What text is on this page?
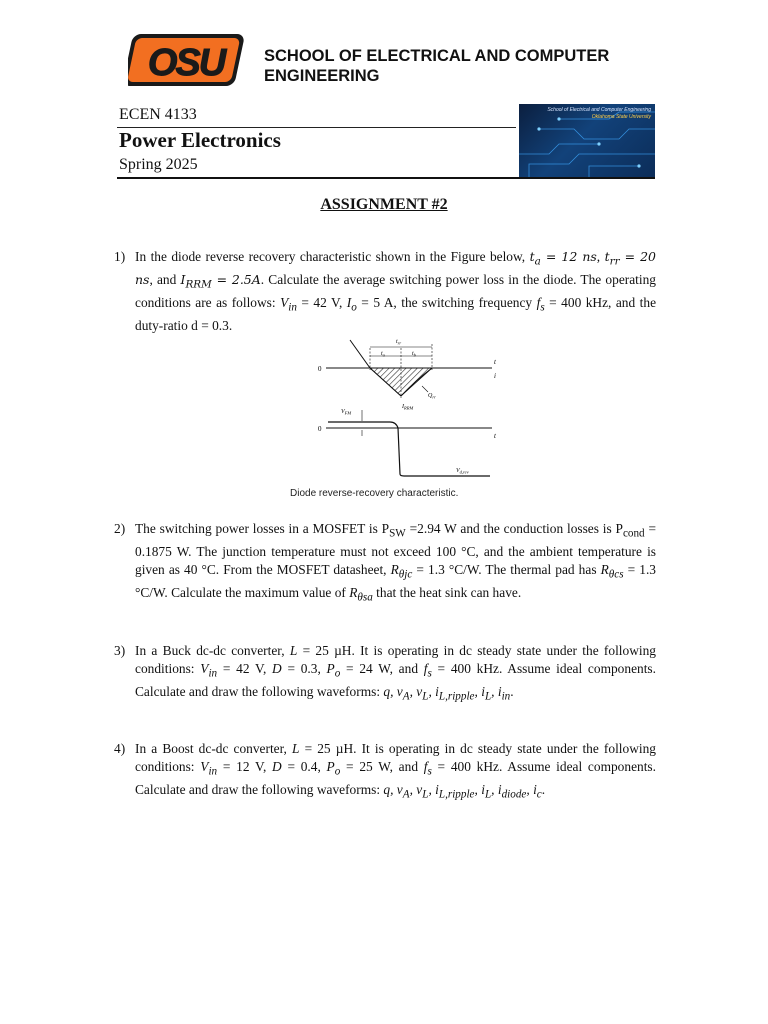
OSU SCHOOL OF ELECTRICAL AND COMPUTER
ENGINEERING
ECEN 4133
Power Electronics
Spring 2025
School of Electrical and Computer Engineering
Oklahoma State University
ASSIGNMENT #2
1) In the diode reverse recovery characteristic shown in the Figure below, $t_a = 12$ ns, $t_{rr} = 20$ ns, and $I_{RRM} = 2.5A$. Calculate the average switching power loss in the diode. The operating conditions are as follows: $V_{in} = 42$ V, $I_o = 5$ A, the switching frequency $f_s = 400$ kHz, and the duty-ratio d = 0.3.
0
i
$t_{rr}$
$t_a$	$t_b$
$I_{RRM}$
$Q_{rr}$
0
t
t
$V_{FM}$
$V_{d,rev}$
Diode reverse-recovery characteristic.
2) The switching power losses in a MOSFET is $P_{SW} =2.94$ W and the conduction losses is $P_{cond} = 0.1875$ W. The junction temperature must not exceed 100 °C, and the ambient temperature is given as 40 °C. From the MOSFET datasheet, $R_{\theta jc} = 1.3$ °C/W. The thermal pad has $R_{\theta cs} = 1.3$ °C/W. Calculate the maximum value of $R_{\theta sa}$ that the heat sink can have.
3) In a Buck dc-dc converter, L = 25 µH. It is operating in dc steady state under the following conditions: $V_{in} = 42$ V, D = 0.3, $P_o = 24$ W, and $f_s = 400$ kHz. Assume ideal components. Calculate and draw the following waveforms: q, $v_A$, $v_L$, $i_{L,ripple}$, $i_L$, $i_{in}$.
4) In a Boost dc-dc converter, L = 25 µH. It is operating in dc steady state under the following conditions: $V_{in} = 12$ V, D = 0.4, $P_o = 25$ W, and $f_s = 400$ kHz. Assume ideal components. Calculate and draw the following waveforms: q, $v_A$, $v_L$, $i_{L,ripple}$, $i_L$, $i_{diode}$, $i_c$.
